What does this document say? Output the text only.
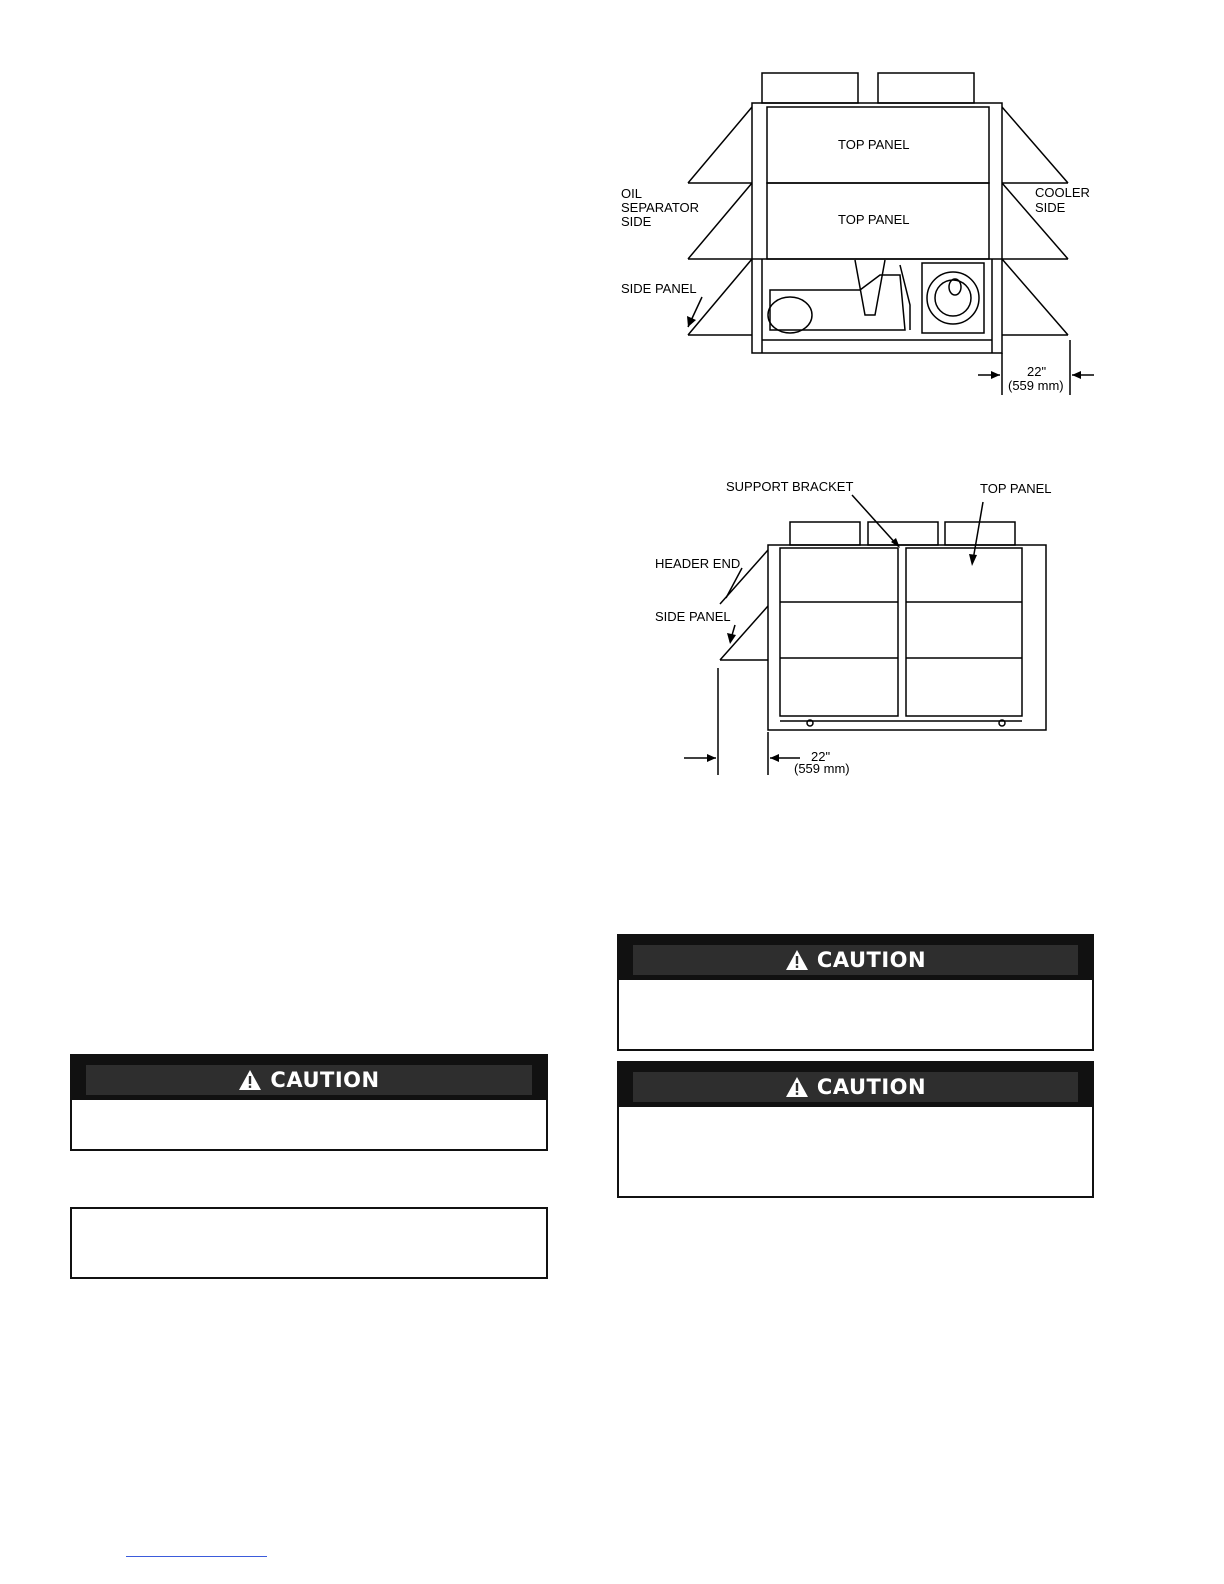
TOP PANEL
TOP PANEL
OIL
SEPARATOR
SIDE
COOLER
SIDE
SIDE PANEL
22"
(559 mm)
SUPPORT BRACKET	TOP PANEL
HEADER END
SIDE PANEL
22"
(559 mm)
CAUTION
CAUTION
CAUTION
